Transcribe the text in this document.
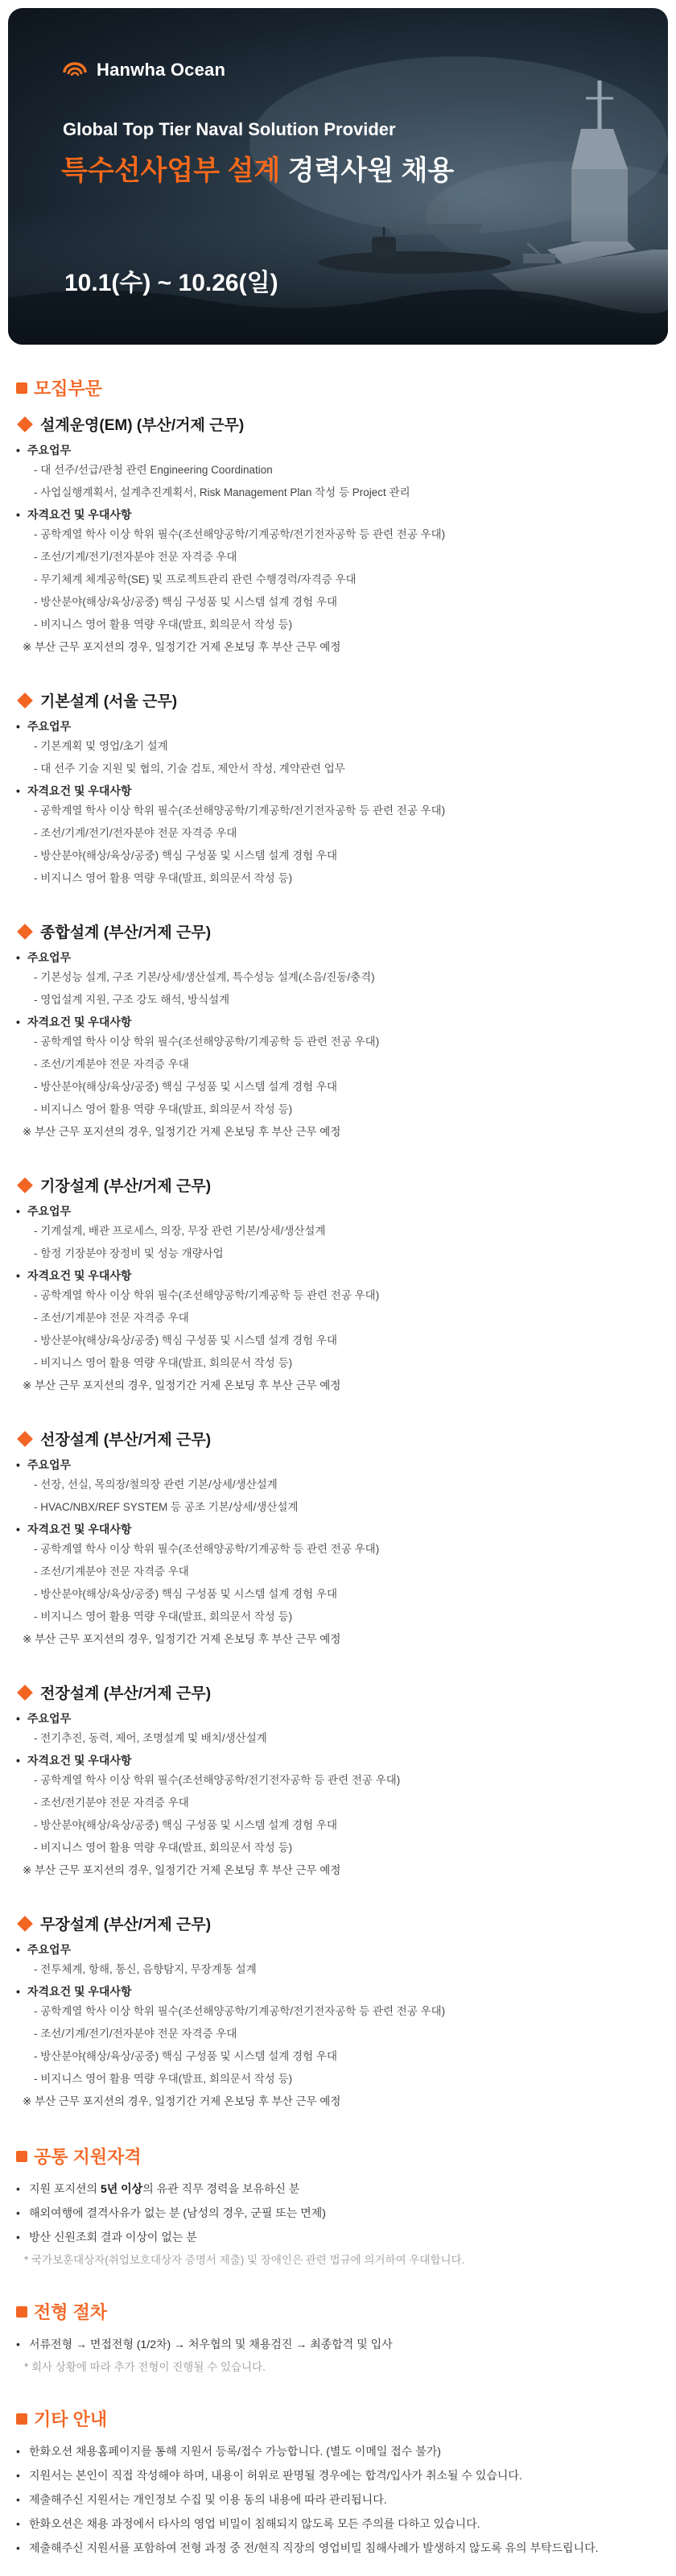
Hanwha Ocean
Global Top Tier Naval Solution Provider
특수선사업부 설계 경력사원 채용
10.1(수) ~ 10.26(일)
모집부문
설계운영(EM) (부산/거제 근무)
• 주요업무
- 대 선주/선급/관청 관련 Engineering Coordination
- 사업실행계획서, 설계추진계획서, Risk Management Plan 작성 등 Project 관리
• 자격요건 및 우대사항
- 공학계열 학사 이상 학위 필수(조선해양공학/기계공학/전기전자공학 등 관련 전공 우대)
- 조선/기계/전기/전자분야 전문 자격증 우대
- 무기체계 체계공학(SE) 및 프로젝트관리 관련 수행경력/자격증 우대
- 방산분야(해상/육상/공중) 핵심 구성품 및 시스템 설계 경험 우대
- 비지니스 영어 활용 역량 우대(발표, 회의문서 작성 등)
※ 부산 근무 포지션의 경우, 일정기간 거제 온보딩 후 부산 근무 예정
기본설계 (서울 근무)
• 주요업무
- 기본계획 및 영업/초기 설계
- 대 선주 기술 지원 및 협의, 기술 검토, 제안서 작성, 계약관련 업무
• 자격요건 및 우대사항
- 공학계열 학사 이상 학위 필수(조선해양공학/기계공학/전기전자공학 등 관련 전공 우대)
- 조선/기계/전기/전자분야 전문 자격증 우대
- 방산분야(해상/육상/공중) 핵심 구성품 및 시스템 설계 경험 우대
- 비지니스 영어 활용 역량 우대(발표, 회의문서 작성 등)
종합설계 (부산/거제 근무)
• 주요업무
- 기본성능 설계, 구조 기본/상세/생산설계, 특수성능 설계(소음/진동/충격)
- 영업설계 지원, 구조 강도 해석, 방식설계
• 자격요건 및 우대사항
- 공학계열 학사 이상 학위 필수(조선해양공학/기계공학 등 관련 전공 우대)
- 조선/기계분야 전문 자격증 우대
- 방산분야(해상/육상/공중) 핵심 구성품 및 시스템 설계 경험 우대
- 비지니스 영어 활용 역량 우대(발표, 회의문서 작성 등)
※ 부산 근무 포지션의 경우, 일정기간 거제 온보딩 후 부산 근무 예정
기장설계 (부산/거제 근무)
• 주요업무
- 기계설계, 배관 프로세스, 의장, 무장 관련 기본/상세/생산설계
- 함정 기장분야 장정비 및 성능 개량사업
• 자격요건 및 우대사항
- 공학계열 학사 이상 학위 필수(조선해양공학/기계공학 등 관련 전공 우대)
- 조선/기계분야 전문 자격증 우대
- 방산분야(해상/육상/공중) 핵심 구성품 및 시스템 설계 경험 우대
- 비지니스 영어 활용 역량 우대(발표, 회의문서 작성 등)
※ 부산 근무 포지션의 경우, 일정기간 거제 온보딩 후 부산 근무 예정
선장설계 (부산/거제 근무)
• 주요업무
- 선장, 선실, 목의장/철의장 관련 기본/상세/생산설계
- HVAC/NBX/REF SYSTEM 등 공조 기본/상세/생산설계
• 자격요건 및 우대사항
- 공학계열 학사 이상 학위 필수(조선해양공학/기계공학 등 관련 전공 우대)
- 조선/기계분야 전문 자격증 우대
- 방산분야(해상/육상/공중) 핵심 구성품 및 시스템 설계 경험 우대
- 비지니스 영어 활용 역량 우대(발표, 회의문서 작성 등)
※ 부산 근무 포지션의 경우, 일정기간 거제 온보딩 후 부산 근무 예정
전장설계 (부산/거제 근무)
• 주요업무
- 전기추진, 동력, 제어, 조명설계 및 배치/생산설계
• 자격요건 및 우대사항
- 공학계열 학사 이상 학위 필수(조선해양공학/전기전자공학 등 관련 전공 우대)
- 조선/전기분야 전문 자격증 우대
- 방산분야(해상/육상/공중) 핵심 구성품 및 시스템 설계 경험 우대
- 비지니스 영어 활용 역량 우대(발표, 회의문서 작성 등)
※ 부산 근무 포지션의 경우, 일정기간 거제 온보딩 후 부산 근무 예정
무장설계 (부산/거제 근무)
• 주요업무
- 전투체계, 항해, 통신, 음향탐지, 무장계통 설계
• 자격요건 및 우대사항
- 공학계열 학사 이상 학위 필수(조선해양공학/기계공학/전기전자공학 등 관련 전공 우대)
- 조선/기계/전기/전자분야 전문 자격증 우대
- 방산분야(해상/육상/공중) 핵심 구성품 및 시스템 설계 경험 우대
- 비지니스 영어 활용 역량 우대(발표, 회의문서 작성 등)
※ 부산 근무 포지션의 경우, 일정기간 거제 온보딩 후 부산 근무 예정
공통 지원자격
• 지원 포지션의 5년 이상의 유관 직무 경력을 보유하신 분
• 해외여행에 결격사유가 없는 분 (남성의 경우, 군필 또는 면제)
• 방산 신원조회 결과 이상이 없는 분
* 국가보훈대상자(취업보호대상자 증명서 제출) 및 장애인은 관련 법규에 의거하여 우대합니다.
전형 절차
• 서류전형 → 면접전형 (1/2차) → 처우협의 및 채용검진 → 최종합격 및 입사
* 회사 상황에 따라 추가 전형이 진행될 수 있습니다.
기타 안내
• 한화오션 채용홈페이지를 통해 지원서 등록/접수 가능합니다. (별도 이메일 접수 불가)
• 지원서는 본인이 직접 작성해야 하며, 내용이 허위로 판명될 경우에는 합격/입사가 취소될 수 있습니다.
• 제출해주신 지원서는 개인정보 수집 및 이용 동의 내용에 따라 관리됩니다.
• 한화오션은 채용 과정에서 타사의 영업 비밀이 침해되지 않도록 모든 주의를 다하고 있습니다.
• 제출해주신 지원서를 포함하여 전형 과정 중 전/현직 직장의 영업비밀 침해사례가 발생하지 않도록 유의 부탁드립니다.
